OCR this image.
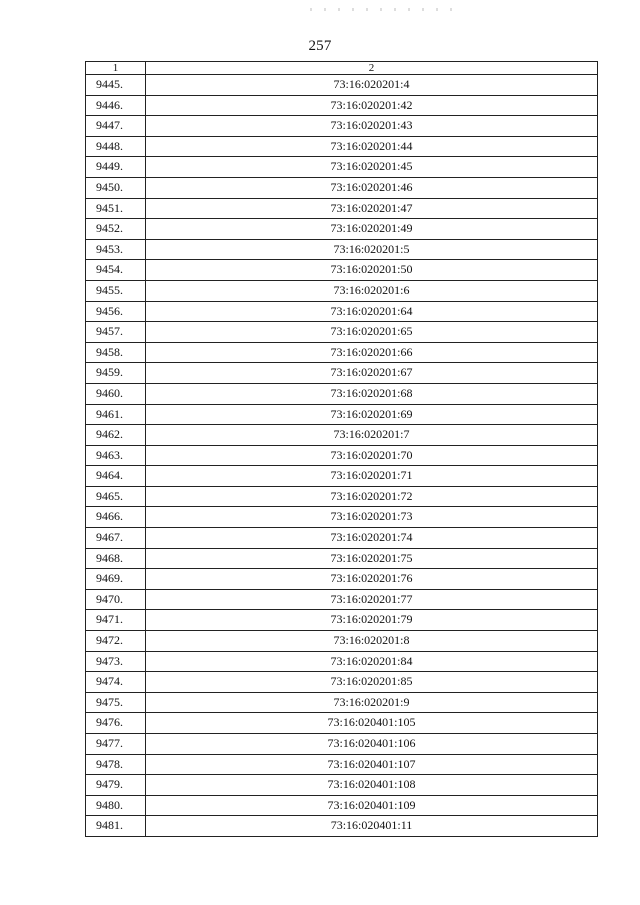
257
1	2
9445.	73:16:020201:4
9446.	73:16:020201:42
9447.	73:16:020201:43
9448.	73:16:020201:44
9449.	73:16:020201:45
9450.	73:16:020201:46
9451.	73:16:020201:47
9452.	73:16:020201:49
9453.	73:16:020201:5
9454.	73:16:020201:50
9455.	73:16:020201:6
9456.	73:16:020201:64
9457.	73:16:020201:65
9458.	73:16:020201:66
9459.	73:16:020201:67
9460.	73:16:020201:68
9461.	73:16:020201:69
9462.	73:16:020201:7
9463.	73:16:020201:70
9464.	73:16:020201:71
9465.	73:16:020201:72
9466.	73:16:020201:73
9467.	73:16:020201:74
9468.	73:16:020201:75
9469.	73:16:020201:76
9470.	73:16:020201:77
9471.	73:16:020201:79
9472.	73:16:020201:8
9473.	73:16:020201:84
9474.	73:16:020201:85
9475.	73:16:020201:9
9476.	73:16:020401:105
9477.	73:16:020401:106
9478.	73:16:020401:107
9479.	73:16:020401:108
9480.	73:16:020401:109
9481.	73:16:020401:11
